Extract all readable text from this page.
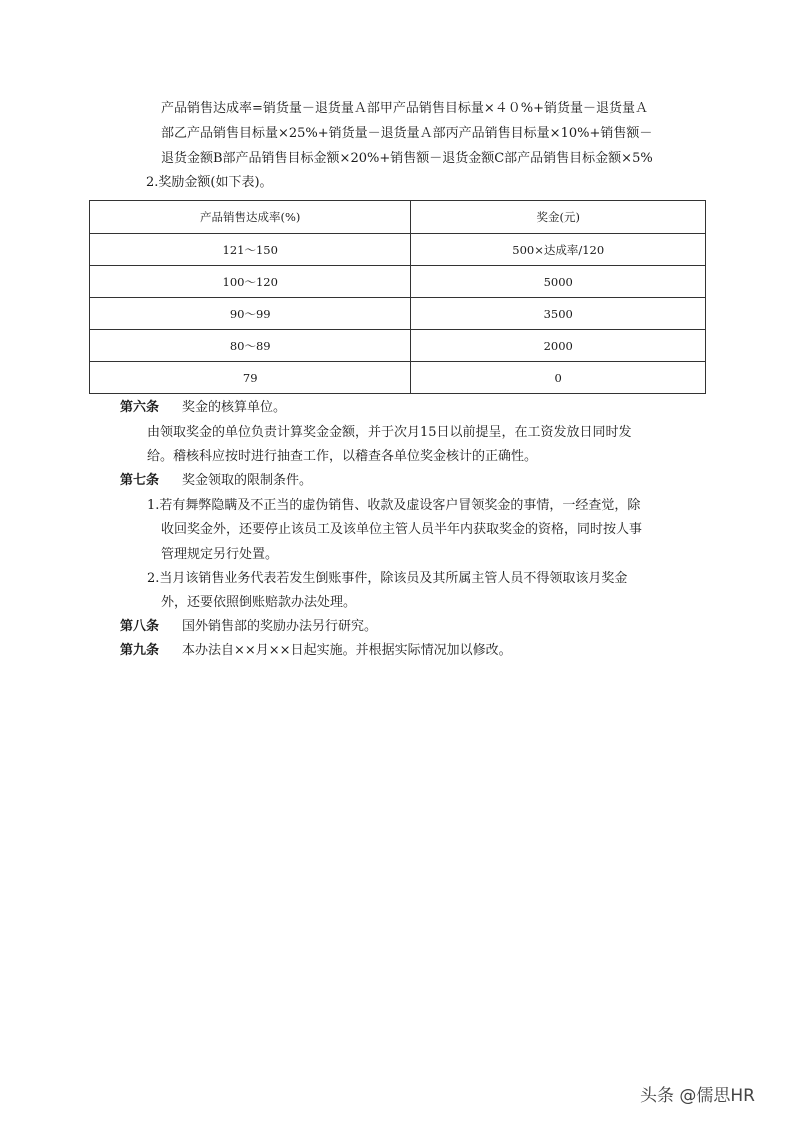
产品销售达成率=销货量－退货量Ａ部甲产品销售目标量×４０%+销货量－退货量Ａ
部乙产品销售目标量×25%+销货量－退货量Ａ部丙产品销售目标量×10%+销售额－
退货金额B部产品销售目标金额×20%+销售额－退货金额C部产品销售目标金额×5%
2.奖励金额(如下表)。
产品销售达成率(%)	奖金(元)
121～150	500×达成率/120
100～120	5000
90～99	3500
80～89	2000
79	0
第六条 奖金的核算单位。
由领取奖金的单位负责计算奖金金额，并于次月15日以前提呈，在工资发放日同时发
给。稽核科应按时进行抽查工作，以稽查各单位奖金核计的正确性。
第七条 奖金领取的限制条件。
1.若有舞弊隐瞒及不正当的虚伪销售、收款及虚设客户冒领奖金的事情，一经查觉，除
收回奖金外，还要停止该员工及该单位主管人员半年内获取奖金的资格，同时按人事
管理规定另行处置。
2.当月该销售业务代表若发生倒账事件，除该员及其所属主管人员不得领取该月奖金
外，还要依照倒账赔款办法处理。
第八条 国外销售部的奖励办法另行研究。
第九条 本办法自××月××日起实施。并根据实际情况加以修改。
头条 @儒思HR
